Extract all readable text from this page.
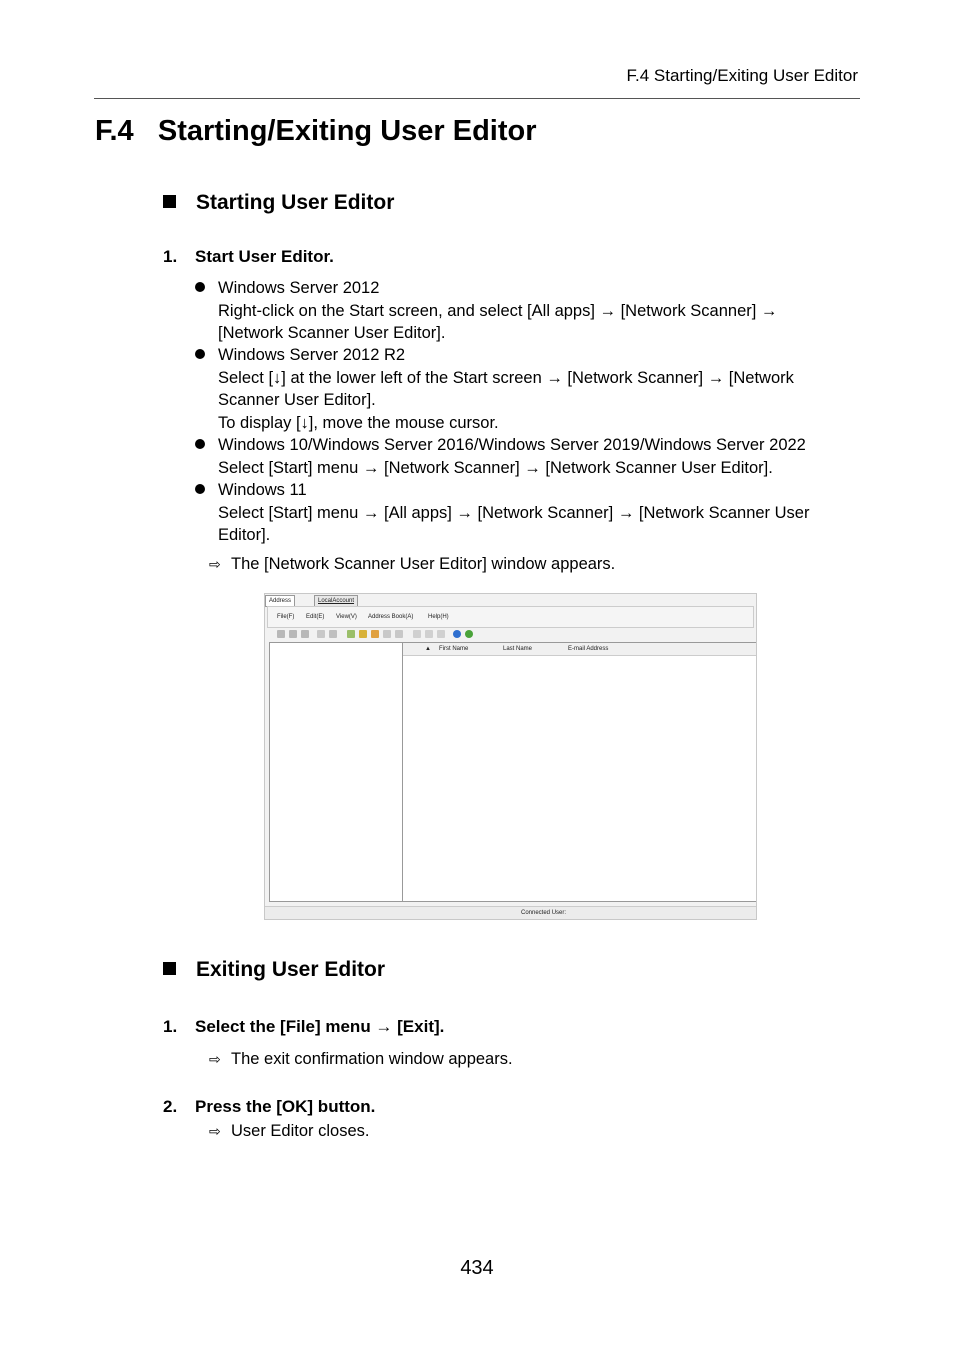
F.4 Starting/Exiting User Editor
F.4 Starting/Exiting User Editor
Starting User Editor
1. Start User Editor.
Windows Server 2012
Right-click on the Start screen, and select [All apps] → [Network Scanner] →
[Network Scanner User Editor].
Windows Server 2012 R2
Select [↓] at the lower left of the Start screen → [Network Scanner] → [Network
Scanner User Editor].
To display [↓], move the mouse cursor.
Windows 10/Windows Server 2016/Windows Server 2019/Windows Server 2022
Select [Start] menu → [Network Scanner] → [Network Scanner User Editor].
Windows 11
Select [Start] menu → [All apps] → [Network Scanner] → [Network Scanner User
Editor].
⇨ The [Network Scanner User Editor] window appears.
Address	LocalAccount
File(F) Edit(E) View(V) Address Book(A) Help(H)
▲ First Name	Last Name	E-mail Address
Connected User:
Exiting User Editor
1. Select the [File] menu → [Exit].
⇨ The exit confirmation window appears.
2. Press the [OK] button.
⇨ User Editor closes.
434
